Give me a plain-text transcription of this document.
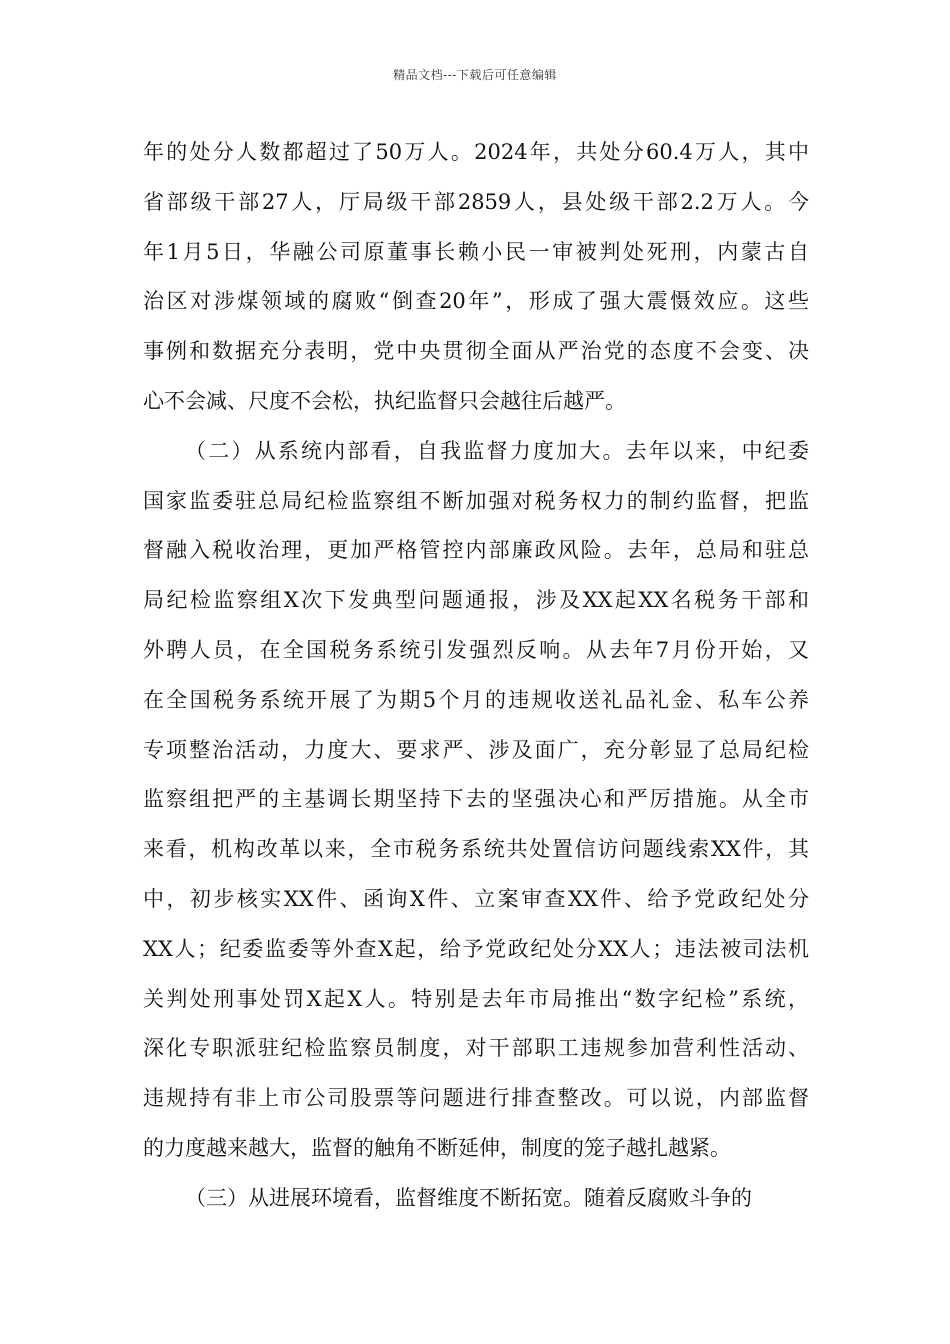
精品文档---下载后可任意编辑
年的处分人数都超过了50万人。2024年，共处分60.4万人，其中
省部级干部27人，厅局级干部2859人，县处级干部2.2万人。今
年1月5日，华融公司原董事长赖小民一审被判处死刑，内蒙古自
治区对涉煤领域的腐败“倒查20年”，形成了强大震慑效应。这些
事例和数据充分表明，党中央贯彻全面从严治党的态度不会变、决
心不会减、尺度不会松，执纪监督只会越往后越严。
（二）从系统内部看，自我监督力度加大。去年以来，中纪委
国家监委驻总局纪检监察组不断加强对税务权力的制约监督，把监
督融入税收治理，更加严格管控内部廉政风险。去年，总局和驻总
局纪检监察组X次下发典型问题通报，涉及XX起XX名税务干部和
外聘人员，在全国税务系统引发强烈反响。从去年7月份开始，又
在全国税务系统开展了为期5个月的违规收送礼品礼金、私车公养
专项整治活动，力度大、要求严、涉及面广，充分彰显了总局纪检
监察组把严的主基调长期坚持下去的坚强决心和严厉措施。从全市
来看，机构改革以来，全市税务系统共处置信访问题线索XX件，其
中，初步核实XX件、函询X件、立案审查XX件、给予党政纪处分
XX人；纪委监委等外查X起，给予党政纪处分XX人；违法被司法机
关判处刑事处罚X起X人。特别是去年市局推出“数字纪检”系统，
深化专职派驻纪检监察员制度，对干部职工违规参加营利性活动、
违规持有非上市公司股票等问题进行排查整改。可以说，内部监督
的力度越来越大，监督的触角不断延伸，制度的笼子越扎越紧。
（三）从进展环境看，监督维度不断拓宽。随着反腐败斗争的
